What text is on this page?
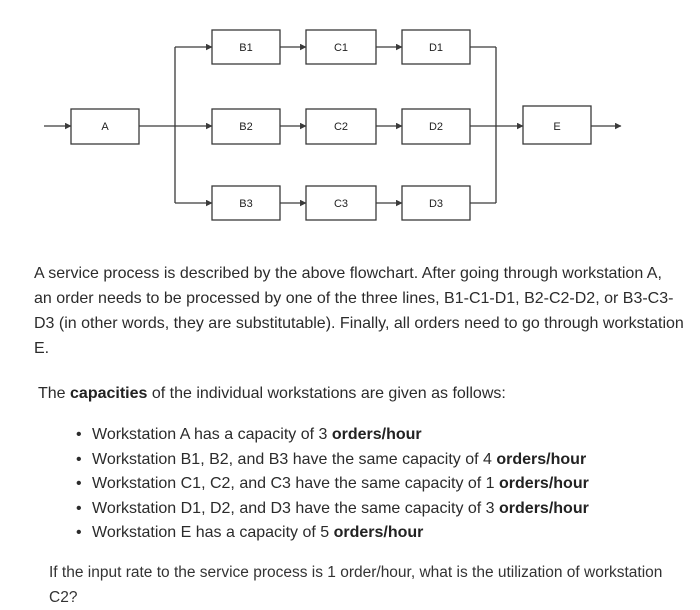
A
B1	C1	D1
B2	C2	D2
B3	C3	D3
E

A service process is described by the above flowchart. After going through workstation A, an order needs to be processed by one of the three lines, B1-C1-D1, B2-C2-D2, or B3-C3-D3 (in other words, they are substitutable). Finally, all orders need to go through workstation E.

The capacities of the individual workstations are given as follows:

• Workstation A has a capacity of 3 orders/hour
• Workstation B1, B2, and B3 have the same capacity of 4 orders/hour
• Workstation C1, C2, and C3 have the same capacity of 1 orders/hour
• Workstation D1, D2, and D3 have the same capacity of 3 orders/hour
• Workstation E has a capacity of 5 orders/hour

If the input rate to the service process is 1 order/hour, what is the utilization of workstation C2?
